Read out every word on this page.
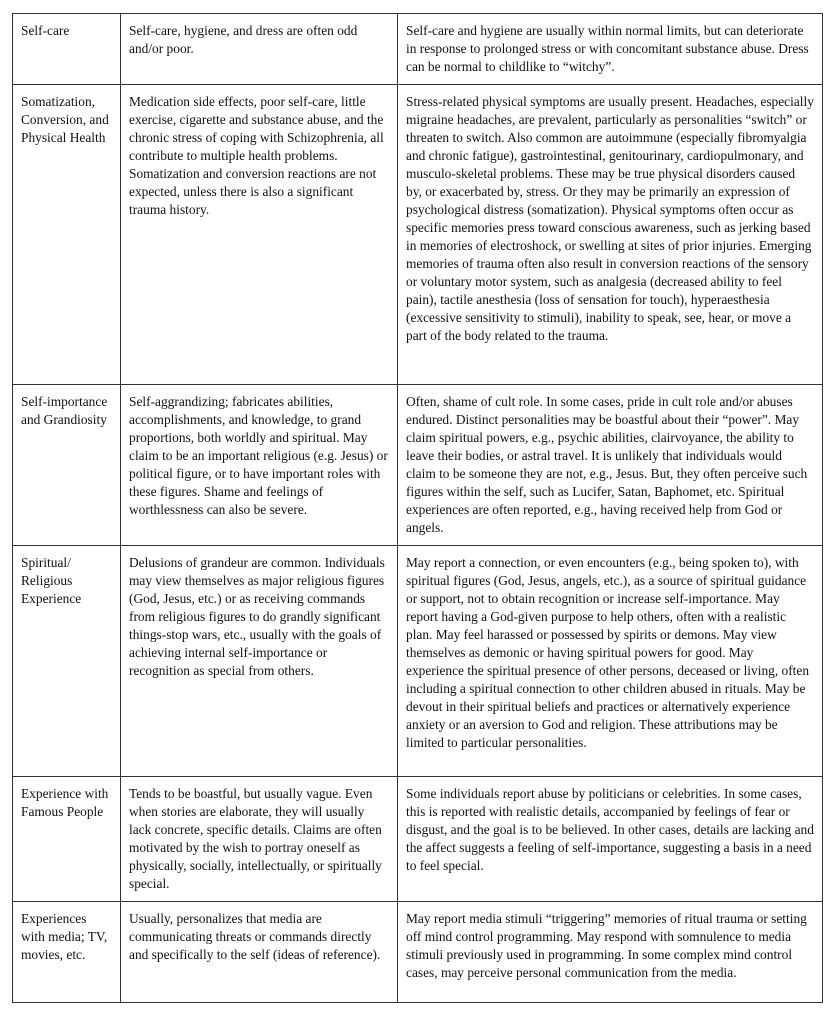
Self-care	Self-care, hygiene, and dress are often odd and/or poor.	Self-care and hygiene are usually within normal limits, but can deteriorate in response to prolonged stress or with concomitant substance abuse. Dress can be normal to childlike to “witchy”.
Somatization, Conversion, and Physical Health	Medication side effects, poor self-care, little exercise, cigarette and substance abuse, and the chronic stress of coping with Schizophrenia, all contribute to multiple health problems. Somatization and conversion reactions are not expected, unless there is also a significant trauma history.	Stress-related physical symptoms are usually present. Headaches, especially migraine headaches, are prevalent, particularly as personalities “switch” or threaten to switch. Also common are autoimmune (especially fibromyalgia and chronic fatigue), gastrointestinal, genitourinary, cardiopulmonary, and musculo-skeletal problems. These may be true physical disorders caused by, or exacerbated by, stress. Or they may be primarily an expression of psychological distress (somatization). Physical symptoms often occur as specific memories press toward conscious awareness, such as jerking based in memories of electroshock, or swelling at sites of prior injuries. Emerging memories of trauma often also result in conversion reactions of the sensory or voluntary motor system, such as analgesia (decreased ability to feel pain), tactile anesthesia (loss of sensation for touch), hyperaesthesia (excessive sensitivity to stimuli), inability to speak, see, hear, or move a part of the body related to the trauma.
Self-importance and Grandiosity	Self-aggrandizing; fabricates abilities, accomplishments, and knowledge, to grand proportions, both worldly and spiritual. May claim to be an important religious (e.g. Jesus) or political figure, or to have important roles with these figures. Shame and feelings of worthlessness can also be severe.	Often, shame of cult role. In some cases, pride in cult role and/or abuses endured. Distinct personalities may be boastful about their “power”. May claim spiritual powers, e.g., psychic abilities, clairvoyance, the ability to leave their bodies, or astral travel. It is unlikely that individuals would claim to be someone they are not, e.g., Jesus. But, they often perceive such figures within the self, such as Lucifer, Satan, Baphomet, etc. Spiritual experiences are often reported, e.g., having received help from God or angels.
Spiritual/ Religious Experience	Delusions of grandeur are common. Individuals may view themselves as major religious figures (God, Jesus, etc.) or as receiving commands from religious figures to do grandly significant things-stop wars, etc., usually with the goals of achieving internal self-importance or recognition as special from others.	May report a connection, or even encounters (e.g., being spoken to), with spiritual figures (God, Jesus, angels, etc.), as a source of spiritual guidance or support, not to obtain recognition or increase self-importance. May report having a God-given purpose to help others, often with a realistic plan. May feel harassed or possessed by spirits or demons. May view themselves as demonic or having spiritual powers for good. May experience the spiritual presence of other persons, deceased or living, often including a spiritual connection to other children abused in rituals. May be devout in their spiritual beliefs and practices or alternatively experience anxiety or an aversion to God and religion. These attributions may be limited to particular personalities.
Experience with Famous People	Tends to be boastful, but usually vague. Even when stories are elaborate, they will usually lack concrete, specific details. Claims are often motivated by the wish to portray oneself as physically, socially, intellectually, or spiritually special.	Some individuals report abuse by politicians or celebrities. In some cases, this is reported with realistic details, accompanied by feelings of fear or disgust, and the goal is to be believed. In other cases, details are lacking and the affect suggests a feeling of self-importance, suggesting a basis in a need to feel special.
Experiences with media; TV, movies, etc.	Usually, personalizes that media are communicating threats or commands directly and specifically to the self (ideas of reference).	May report media stimuli “triggering” memories of ritual trauma or setting off mind control programming. May respond with somnulence to media stimuli previously used in programming. In some complex mind control cases, may perceive personal communication from the media.
